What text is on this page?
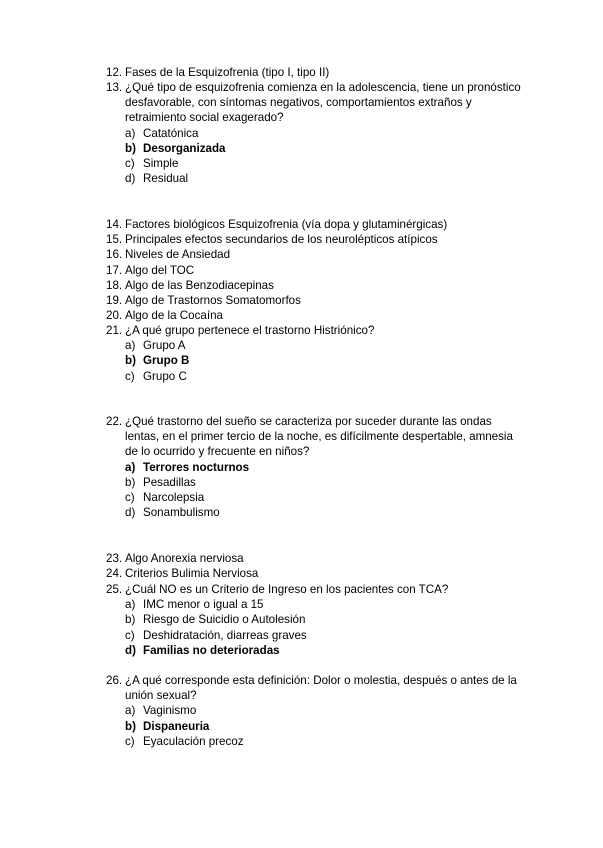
12. Fases de la Esquizofrenia (tipo I, tipo II)
13. ¿Qué tipo de esquizofrenia comienza en la adolescencia, tiene un pronóstico desfavorable, con síntomas negativos, comportamientos extraños y retraimiento social exagerado?
a) Catatónica
b) Desorganizada
c) Simple
d) Residual
14. Factores biológicos Esquizofrenia (vía dopa y glutaminérgicas)
15. Principales efectos secundarios de los neurolépticos atípicos
16. Niveles de Ansiedad
17. Algo del TOC
18. Algo de las Benzodiacepinas
19. Algo de Trastornos Somatomorfos
20. Algo de la Cocaína
21. ¿A qué grupo pertenece el trastorno Histriónico?
a) Grupo A
b) Grupo B
c) Grupo C
22. ¿Qué trastorno del sueño se caracteriza por suceder durante las ondas lentas, en el primer tercio de la noche, es difícilmente despertable, amnesia de lo ocurrido y frecuente en niños?
a) Terrores nocturnos
b) Pesadillas
c) Narcolepsia
d) Sonambulismo
23. Algo Anorexia nerviosa
24. Criterios Bulimia Nerviosa
25. ¿Cuál NO es un Criterio de Ingreso en los pacientes con TCA?
a) IMC menor o igual a 15
b) Riesgo de Suicidio o Autolesión
c) Deshidratación, diarreas graves
d) Familias no deterioradas
26. ¿A qué corresponde esta definición: Dolor o molestia, después o antes de la unión sexual?
a) Vaginismo
b) Dispaneuria
c) Eyaculación precoz
